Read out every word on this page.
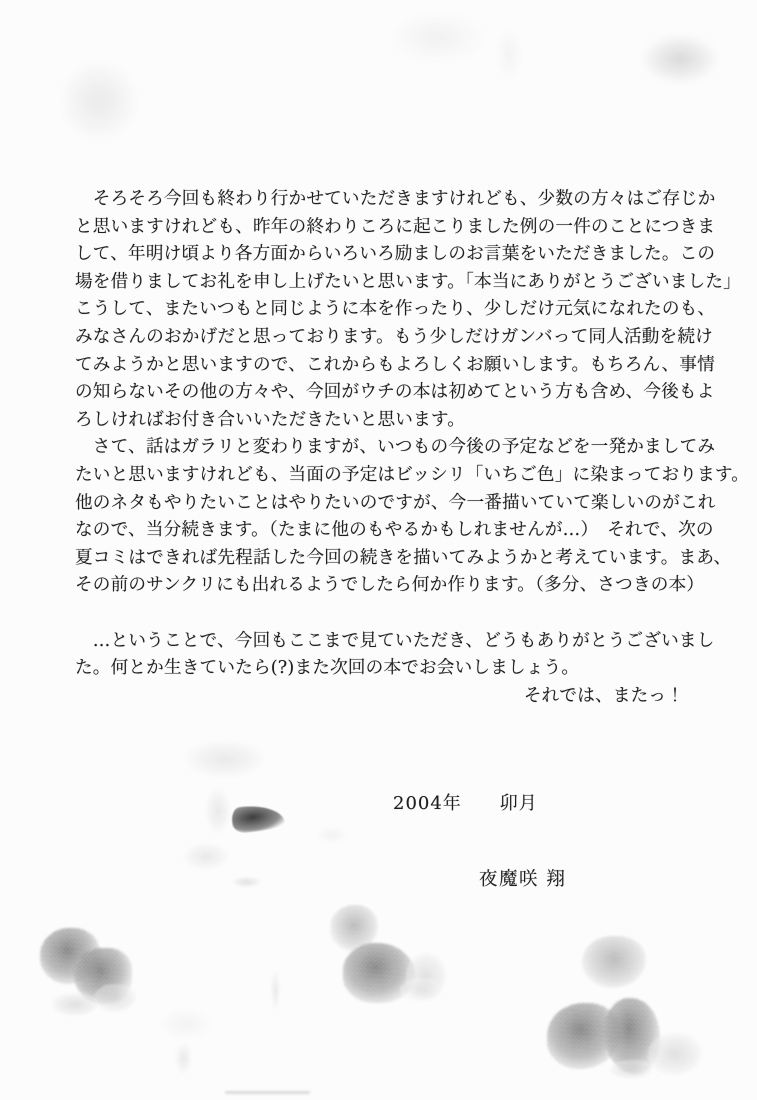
　そろそろ今回も終わり行かせていただきますけれども、少数の方々はご存じか
と思いますけれども、昨年の終わりころに起こりました例の一件のことにつきま
して、年明け頃より各方面からいろいろ励ましのお言葉をいただきました。この
場を借りましてお礼を申し上げたいと思います。「本当にありがとうございました」
こうして、またいつもと同じように本を作ったり、少しだけ元気になれたのも、
みなさんのおかげだと思っております。もう少しだけガンバって同人活動を続け
てみようかと思いますので、これからもよろしくお願いします。もちろん、事情
の知らないその他の方々や、今回がウチの本は初めてという方も含め、今後もよ
ろしければお付き合いいただきたいと思います。
　さて、話はガラリと変わりますが、いつもの今後の予定などを一発かましてみ
たいと思いますけれども、当面の予定はビッシリ「いちご色」に染まっております。
他のネタもやりたいことはやりたいのですが、今一番描いていて楽しいのがこれ
なので、当分続きます。（たまに他のもやるかもしれませんが…）　それで、次の
夏コミはできれば先程話した今回の続きを描いてみようかと考えています。まあ、
その前のサンクリにも出れるようでしたら何か作ります。（多分、さつきの本）
　…ということで、今回もここまで見ていただき、どうもありがとうございまし
た。何とか生きていたら(?)また次回の本でお会いしましょう。
それでは、またっ！
2004年　　卯月
夜魔咲 翔
